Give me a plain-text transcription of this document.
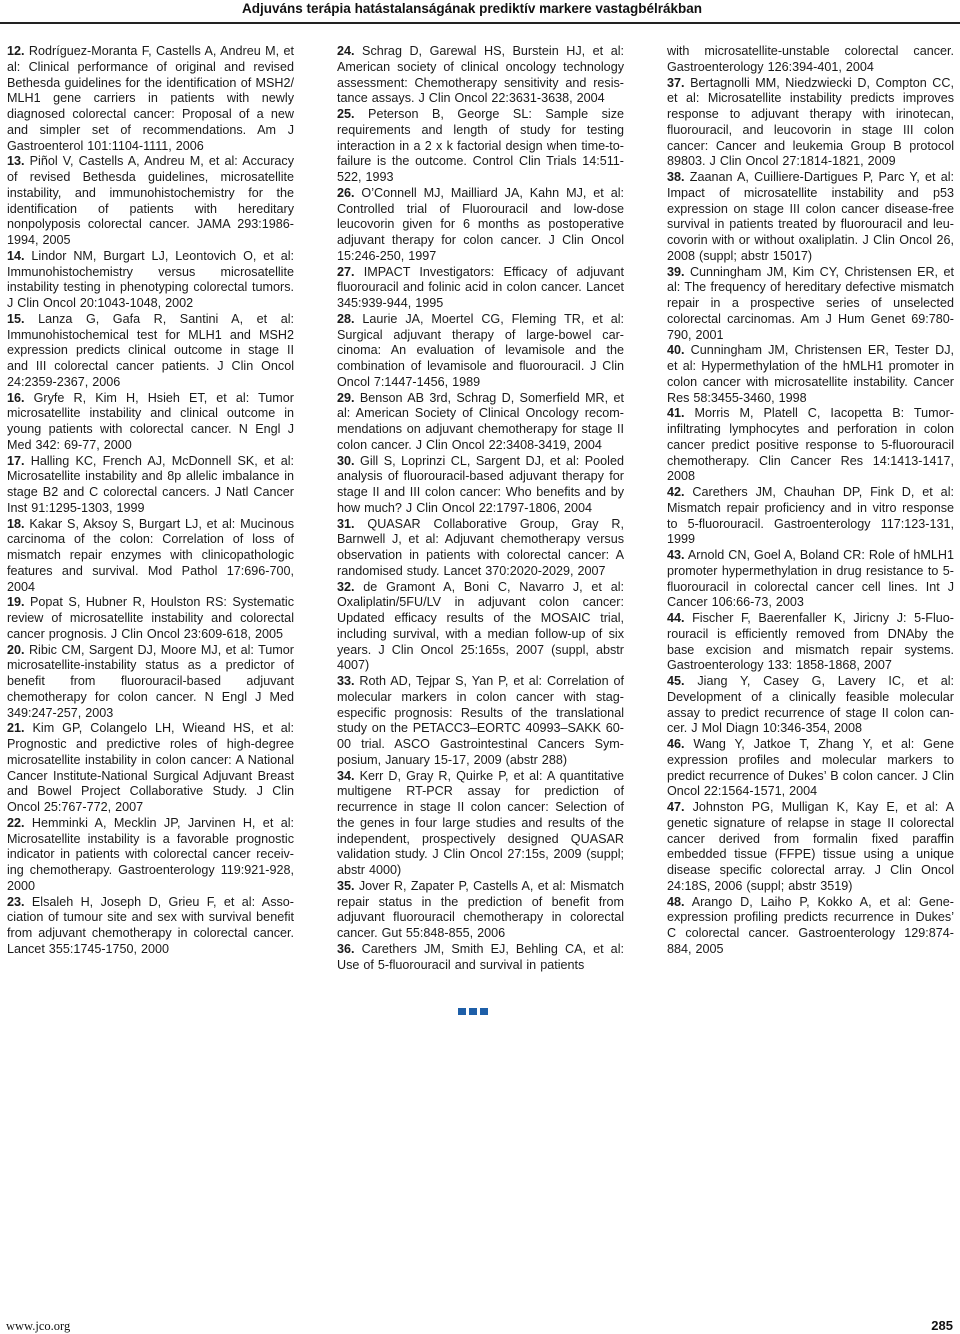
Adjuváns terápia hatástalanságának prediktív markere vastagbélrákban

12. Rodríguez-Moranta F, Castells A, Andreu M, et al: Clinical performance of original and revised Bethesda guidelines for the identification of MSH2/ MLH1 gene carriers in patients with newly diagnosed colorectal cancer: Proposal of a new and simpler set of recommendations. Am J Gastroenterol 101:1104-1111, 2006

13. Piñol V, Castells A, Andreu M, et al: Accuracy of revised Bethesda guidelines, microsatellite instability, and immunohistochemistry for the identification of patients with hereditary nonpolyposis colorectal cancer. JAMA 293:1986-1994, 2005

14. Lindor NM, Burgart LJ, Leontovich O, et al: Immunohistochemistry versus microsatellite instability testing in phenotyping colorectal tumors. J Clin Oncol 20:1043-1048, 2002

15. Lanza G, Gafa R, Santini A, et al: Immunohistochemical test for MLH1 and MSH2 expression predicts clinical outcome in stage II and III colorectal cancer patients. J Clin Oncol 24:2359-2367, 2006

16. Gryfe R, Kim H, Hsieh ET, et al: Tumor microsatellite instability and clinical outcome in young patients with colorectal cancer. N Engl J Med 342: 69-77, 2000

17. Halling KC, French AJ, McDonnell SK, et al: Microsatellite instability and 8p allelic imbalance in stage B2 and C colorectal cancers. J Natl Cancer Inst 91:1295-1303, 1999

18. Kakar S, Aksoy S, Burgart LJ, et al: Mucinous carcinoma of the colon: Correlation of loss of mismatch repair enzymes with clinicopathologic features and survival. Mod Pathol 17:696-700, 2004

19. Popat S, Hubner R, Houlston RS: Systematic review of microsatellite instability and colorectal cancer prognosis. J Clin Oncol 23:609-618, 2005

20. Ribic CM, Sargent DJ, Moore MJ, et al: Tumor microsatellite-instability status as a predictor of benefit from fluorouracil-based adjuvant chemotherapy for colon cancer. N Engl J Med 349:247-257, 2003

21. Kim GP, Colangelo LH, Wieand HS, et al: Prognostic and predictive roles of high-degree microsatellite instability in colon cancer: A National Cancer Institute-National Surgical Adjuvant Breast and Bowel Project Collaborative Study. J Clin Oncol 25:767-772, 2007

22. Hemminki A, Mecklin JP, Jarvinen H, et al: Microsatellite instability is a favorable prognostic indicator in patients with colorectal cancer receiving chemotherapy. Gastroenterology 119:921-928, 2000

23. Elsaleh H, Joseph D, Grieu F, et al: Association of tumour site and sex with survival benefit from adjuvant chemotherapy in colorectal cancer. Lancet 355:1745-1750, 2000

24. Schrag D, Garewal HS, Burstein HJ, et al: American society of clinical oncology technology assessment: Chemotherapy sensitivity and resistance assays. J Clin Oncol 22:3631-3638, 2004

25. Peterson B, George SL: Sample size requirements and length of study for testing interaction in a 2 x k factorial design when time-to-failure is the outcome. Control Clin Trials 14:511-522, 1993

26. O’Connell MJ, Mailliard JA, Kahn MJ, et al: Controlled trial of Fluorouracil and low-dose leucovorin given for 6 months as postoperative adjuvant therapy for colon cancer. J Clin Oncol 15:246-250, 1997

27. IMPACT Investigators: Efficacy of adjuvant fluorouracil and folinic acid in colon cancer. Lancet 345:939-944, 1995

28. Laurie JA, Moertel CG, Fleming TR, et al: Surgical adjuvant therapy of large-bowel carcinoma: An evaluation of levamisole and the combination of levamisole and fluorouracil. J Clin Oncol 7:1447-1456, 1989

29. Benson AB 3rd, Schrag D, Somerfield MR, et al: American Society of Clinical Oncology recommendations on adjuvant chemotherapy for stage II colon cancer. J Clin Oncol 22:3408-3419, 2004

30. Gill S, Loprinzi CL, Sargent DJ, et al: Pooled analysis of fluorouracil-based adjuvant therapy for stage II and III colon cancer: Who benefits and by how much? J Clin Oncol 22:1797-1806, 2004

31. QUASAR Collaborative Group, Gray R, Barnwell J, et al: Adjuvant chemotherapy versus observation in patients with colorectal cancer: A randomised study. Lancet 370:2020-2029, 2007

32. de Gramont A, Boni C, Navarro J, et al: Oxaliplatin/5FU/LV in adjuvant colon cancer: Updated efficacy results of the MOSAIC trial, including survival, with a median follow-up of six years. J Clin Oncol 25:165s, 2007 (suppl, abstr 4007)

33. Roth AD, Tejpar S, Yan P, et al: Correlation of molecular markers in colon cancer with stagespecific prognosis: Results of the translational study on the PETACC3–EORTC 40993–SAKK 60-00 trial. ASCO Gastrointestinal Cancers Symposium, January 15-17, 2009 (abstr 288)

34. Kerr D, Gray R, Quirke P, et al: A quantitative multigene RT-PCR assay for prediction of recurrence in stage II colon cancer: Selection of the genes in four large studies and results of the independent, prospectively designed QUASAR validation study. J Clin Oncol 27:15s, 2009 (suppl; abstr 4000)

35. Jover R, Zapater P, Castells A, et al: Mismatch repair status in the prediction of benefit from adjuvant fluorouracil chemotherapy in colorectal cancer. Gut 55:848-855, 2006

36. Carethers JM, Smith EJ, Behling CA, et al: Use of 5-fluorouracil and survival in patients

with microsatellite-unstable colorectal cancer. Gastroenterology 126:394-401, 2004

37. Bertagnolli MM, Niedzwiecki D, Compton CC, et al: Microsatellite instability predicts improves response to adjuvant therapy with irinotecan, fluorouracil, and leucovorin in stage III colon cancer: Cancer and leukemia Group B protocol 89803. J Clin Oncol 27:1814-1821, 2009

38. Zaanan A, Cuilliere-Dartigues P, Parc Y, et al: Impact of microsatellite instability and p53 expression on stage III colon cancer disease-free survival in patients treated by fluorouracil and leucovorin with or without oxaliplatin. J Clin Oncol 26, 2008 (suppl; abstr 15017)

39. Cunningham JM, Kim CY, Christensen ER, et al: The frequency of hereditary defective mismatch repair in a prospective series of unselected colorectal carcinomas. Am J Hum Genet 69:780-790, 2001

40. Cunningham JM, Christensen ER, Tester DJ, et al: Hypermethylation of the hMLH1 promoter in colon cancer with microsatellite instability. Cancer Res 58:3455-3460, 1998

41. Morris M, Platell C, Iacopetta B: Tumor-infiltrating lymphocytes and perforation in colon cancer predict positive response to 5-fluorouracil chemotherapy. Clin Cancer Res 14:1413-1417, 2008

42. Carethers JM, Chauhan DP, Fink D, et al: Mismatch repair proficiency and in vitro response to 5-fluorouracil. Gastroenterology 117:123-131, 1999

43. Arnold CN, Goel A, Boland CR: Role of hMLH1 promoter hypermethylation in drug resistance to 5-fluorouracil in colorectal cancer cell lines. Int J Cancer 106:66-73, 2003

44. Fischer F, Baerenfaller K, Jiricny J: 5-Fluorouracil is efficiently removed from DNAby the base excision and mismatch repair systems. Gastroenterology 133: 1858-1868, 2007

45. Jiang Y, Casey G, Lavery IC, et al: Development of a clinically feasible molecular assay to predict recurrence of stage II colon cancer. J Mol Diagn 10:346-354, 2008

46. Wang Y, Jatkoe T, Zhang Y, et al: Gene expression profiles and molecular markers to predict recurrence of Dukes’ B colon cancer. J Clin Oncol 22:1564-1571, 2004

47. Johnston PG, Mulligan K, Kay E, et al: A genetic signature of relapse in stage II colorectal cancer derived from formalin fixed paraffin embedded tissue (FFPE) tissue using a unique disease specific colorectal array. J Clin Oncol 24:18S, 2006 (suppl; abstr 3519)

48. Arango D, Laiho P, Kokko A, et al: Gene-expression profiling predicts recurrence in Dukes’ C colorectal cancer. Gastroenterology 129:874-884, 2005

www.jco.org	285
